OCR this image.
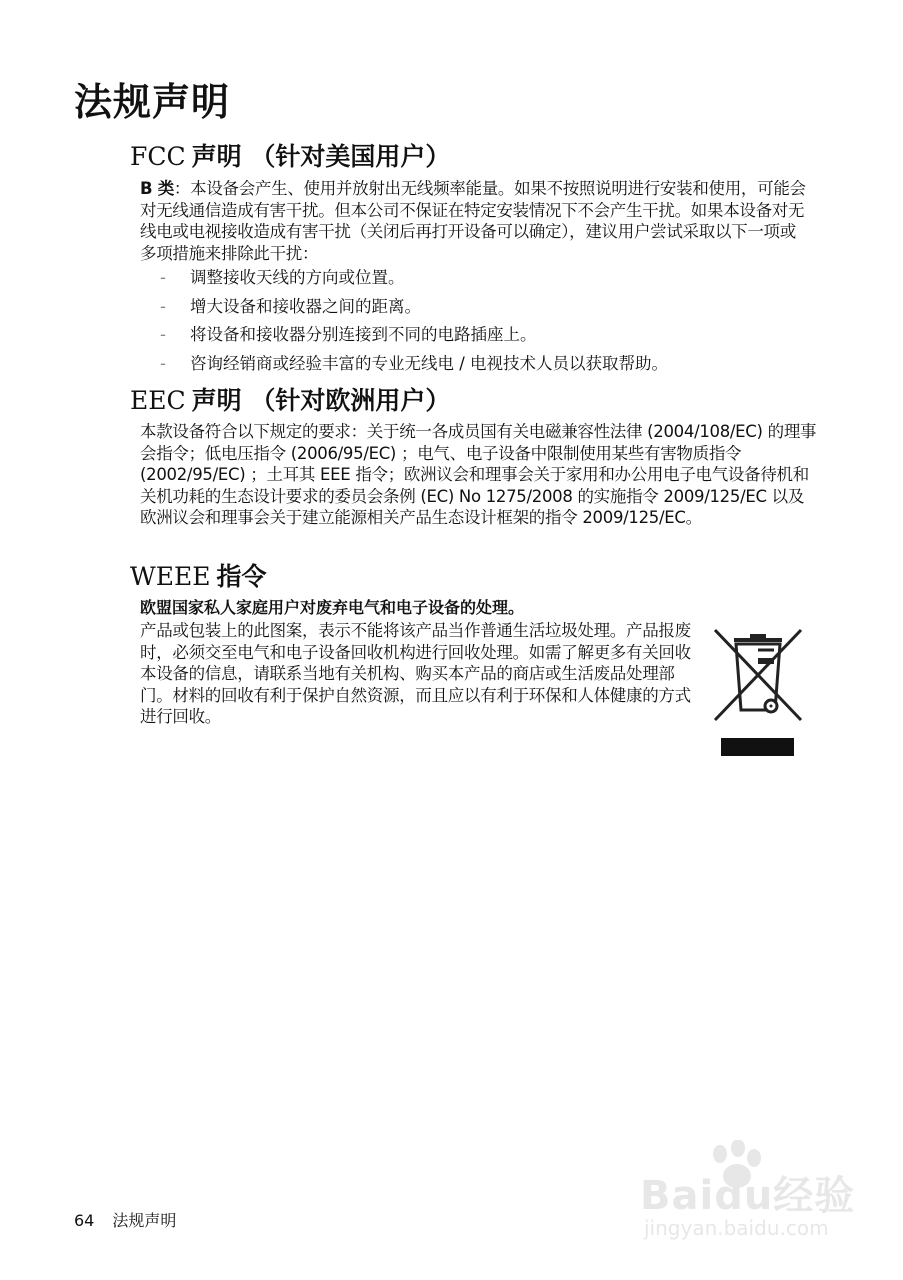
法规声明
FCC 声明 （针对美国用户）

B 类：本设备会产生、使用并放射出无线频率能量。如果不按照说明进行安装和使用，可能会对无线通信造成有害干扰。但本公司不保证在特定安装情况下不会产生干扰。如果本设备对无线电或电视接收造成有害干扰（关闭后再打开设备可以确定），建议用户尝试采取以下一项或多项措施来排除此干扰：

- 调整接收天线的方向或位置。
- 增大设备和接收器之间的距离。
- 将设备和接收器分别连接到不同的电路插座上。
- 咨询经销商或经验丰富的专业无线电 / 电视技术人员以获取帮助。
EEC 声明 （针对欧洲用户）

本款设备符合以下规定的要求：关于统一各成员国有关电磁兼容性法律 (2004/108/EC) 的理事会指令；低电压指令 (2006/95/EC) ；电气、电子设备中限制使用某些有害物质指令 (2002/95/EC) ；土耳其 EEE 指令；欧洲议会和理事会关于家用和办公用电子电气设备待机和关机功耗的生态设计要求的委员会条例 (EC) No 1275/2008 的实施指令 2009/125/EC 以及欧洲议会和理事会关于建立能源相关产品生态设计框架的指令 2009/125/EC。

WEEE 指令

欧盟国家私人家庭用户对废弃电气和电子设备的处理。

产品或包装上的此图案，表示不能将该产品当作普通生活垃圾处理。产品报废时，必须交至电气和电子设备回收机构进行回收处理。如需了解更多有关回收本设备的信息，请联系当地有关机构、购买本产品的商店或生活废品处理部门。材料的回收有利于保护自然资源，而且应以有利于环保和人体健康的方式进行回收。

64 法规声明
Baidu经验
jingyan.baidu.com
